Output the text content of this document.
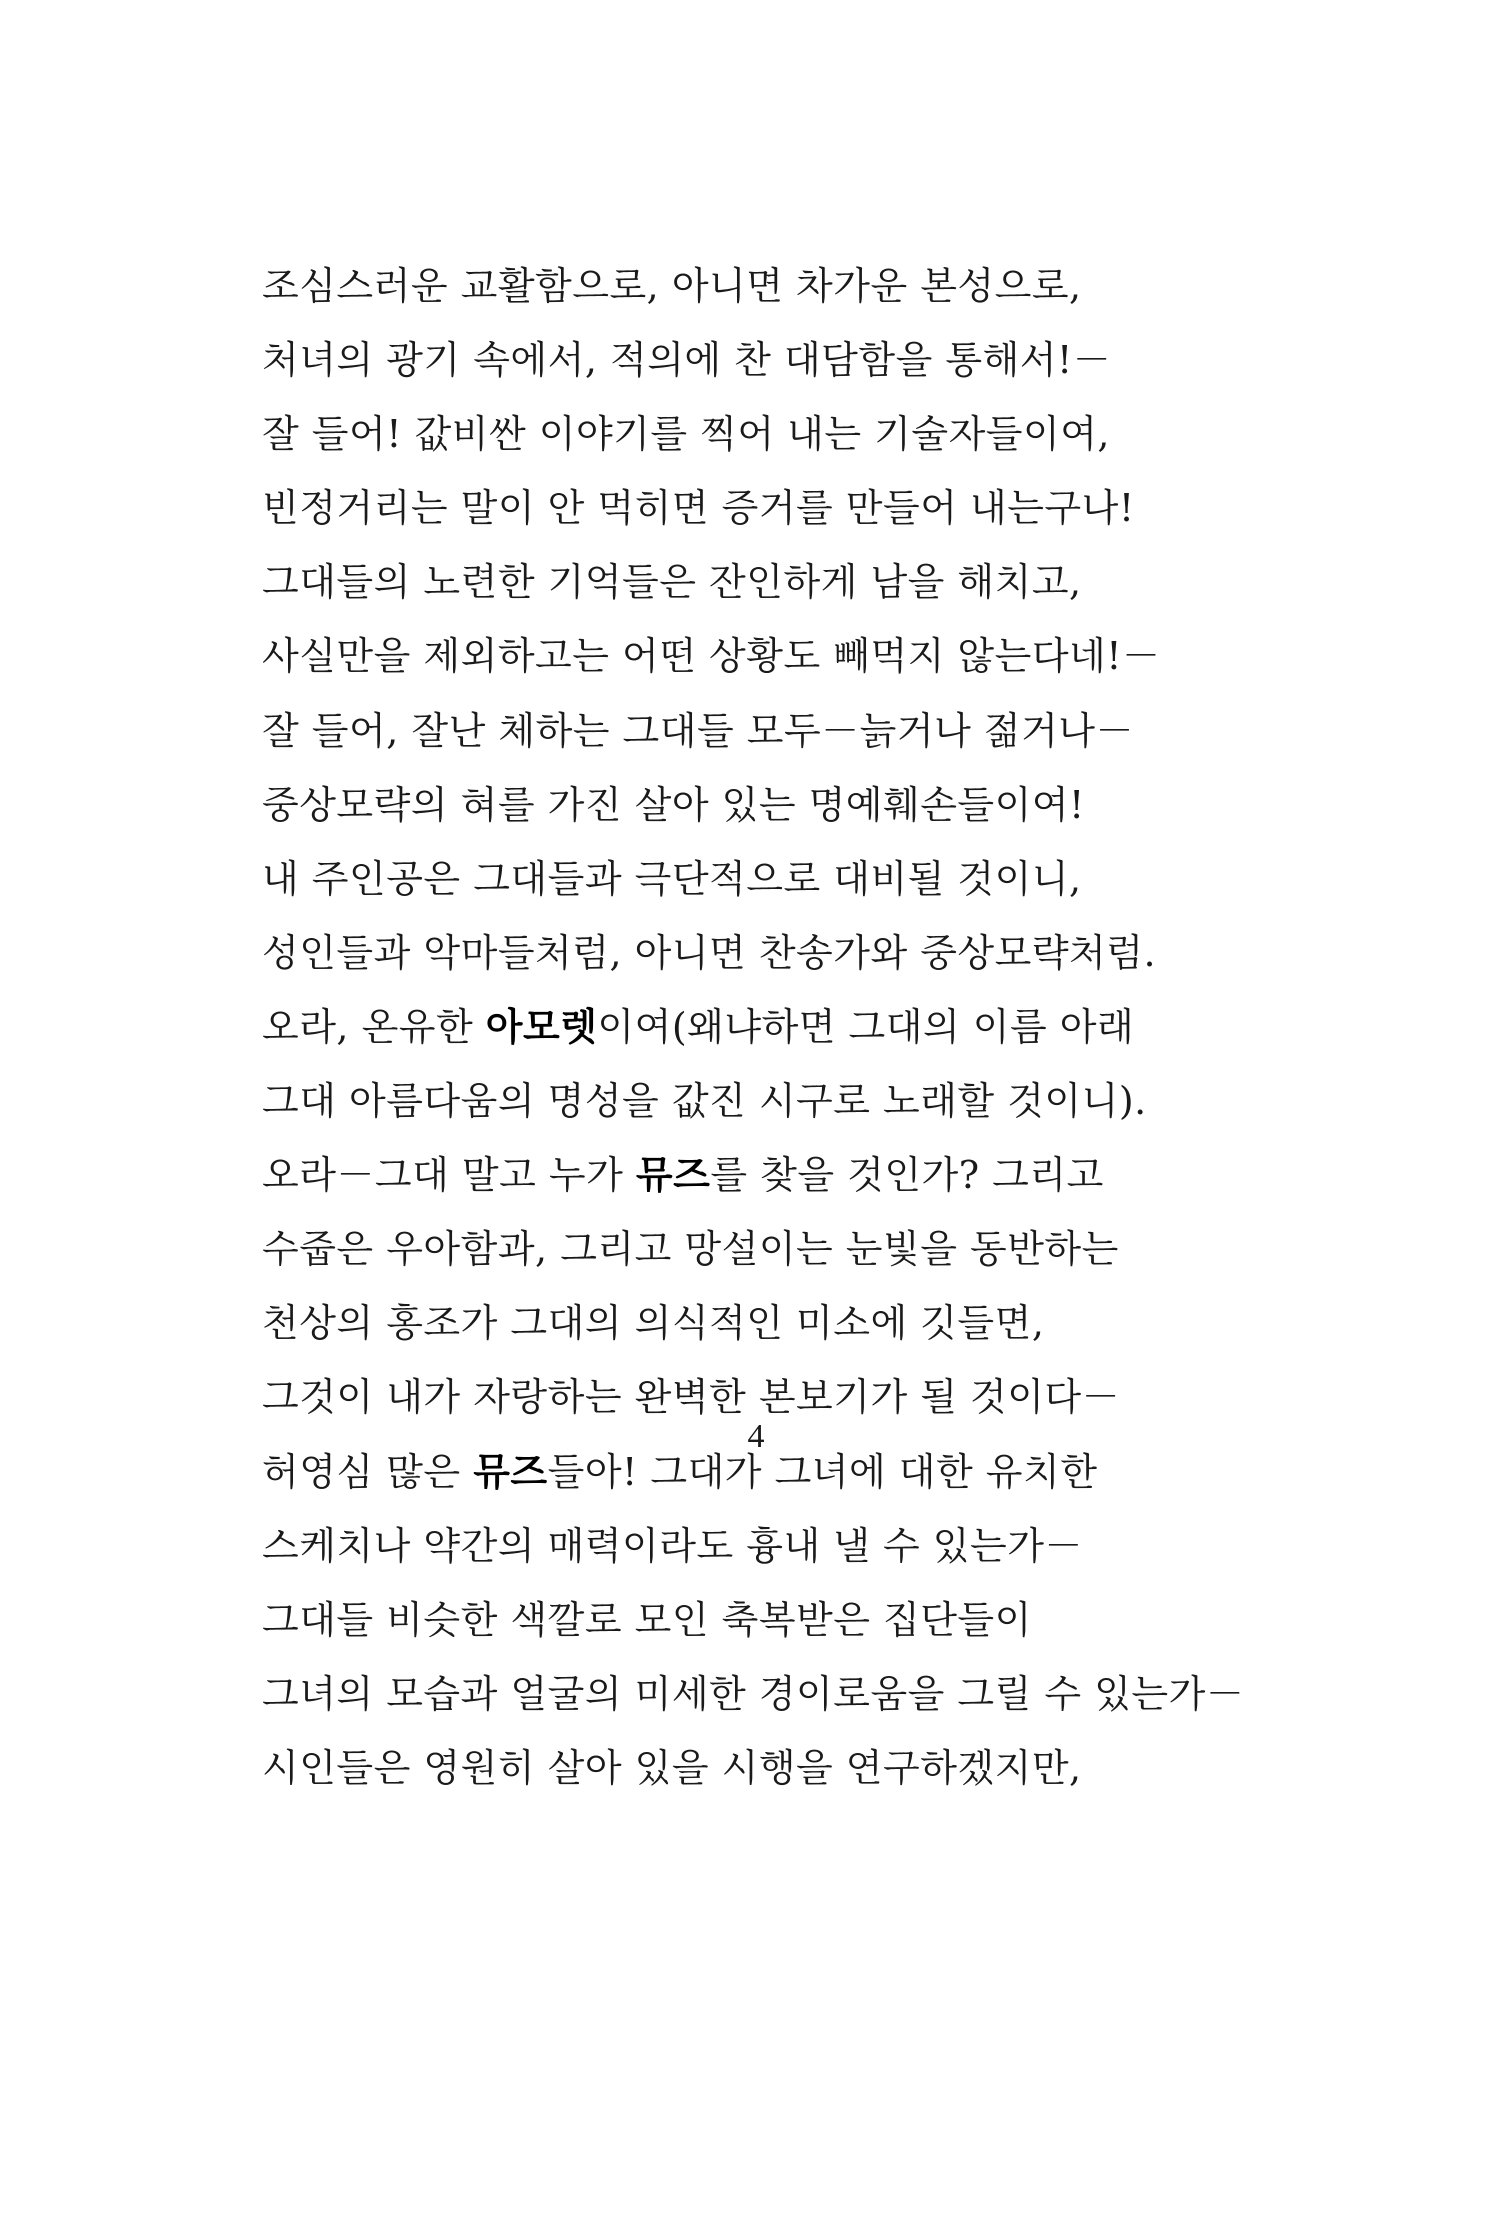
조심스러운 교활함으로, 아니면 차가운 본성으로,
처녀의 광기 속에서, 적의에 찬 대담함을 통해서!－
잘 들어! 값비싼 이야기를 찍어 내는 기술자들이여,
빈정거리는 말이 안 먹히면 증거를 만들어 내는구나!
그대들의 노련한 기억들은 잔인하게 남을 해치고,
사실만을 제외하고는 어떤 상황도 빼먹지 않는다네!－
잘 들어, 잘난 체하는 그대들 모두－늙거나 젊거나－
중상모략의 혀를 가진 살아 있는 명예훼손들이여!
내 주인공은 그대들과 극단적으로 대비될 것이니,
성인들과 악마들처럼, 아니면 찬송가와 중상모략처럼.
오라, 온유한 아모렛이여(왜냐하면 그대의 이름 아래
그대 아름다움의 명성을 값진 시구로 노래할 것이니).
오라－그대 말고 누가 뮤즈를 찾을 것인가? 그리고
수줍은 우아함과, 그리고 망설이는 눈빛을 동반하는
천상의 홍조가 그대의 의식적인 미소에 깃들면,
그것이 내가 자랑하는 완벽한 본보기가 될 것이다－
허영심 많은 뮤즈들아! 그대가 그녀에 대한 유치한
스케치나 약간의 매력이라도 흉내 낼 수 있는가－
그대들 비슷한 색깔로 모인 축복받은 집단들이
그녀의 모습과 얼굴의 미세한 경이로움을 그릴 수 있는가－
시인들은 영원히 살아 있을 시행을 연구하겠지만,
4
